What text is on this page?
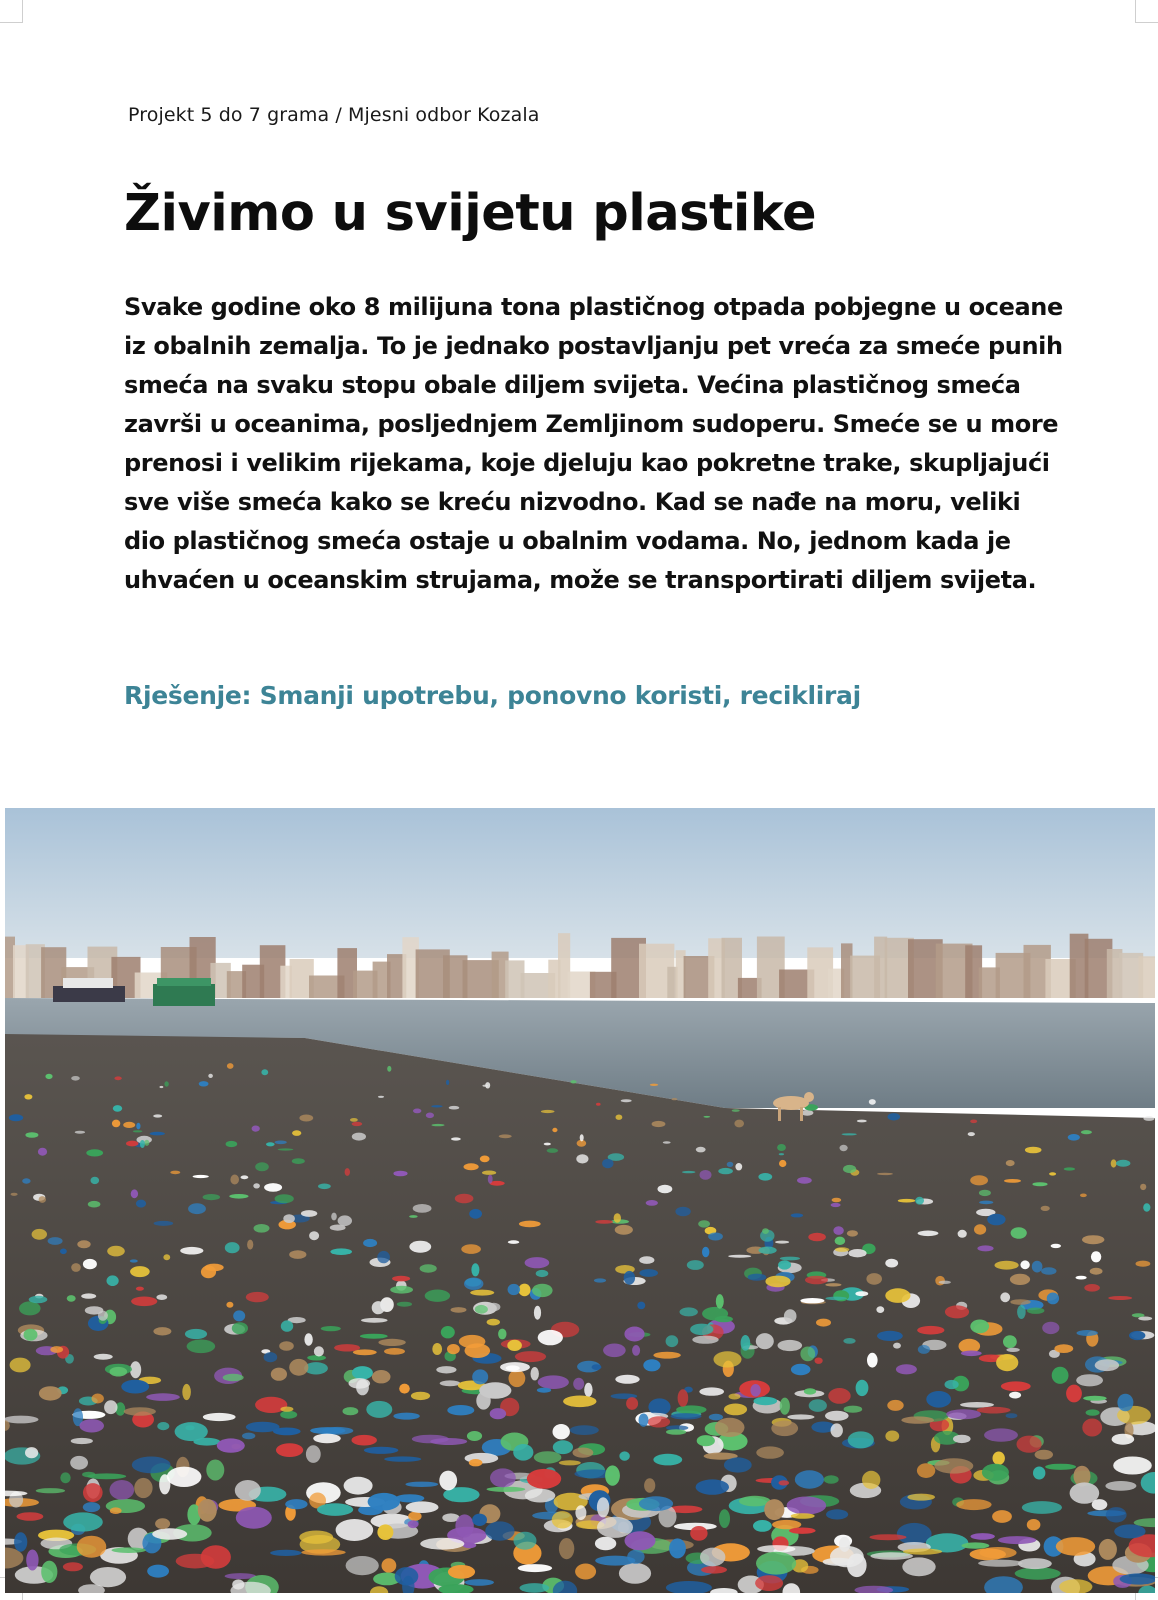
Projekt 5 do 7 grama / Mjesni odbor Kozala
Živimo u svijetu plastike

Svake godine oko 8 milijuna tona plastičnog otpada pobjegne u oceane iz obalnih zemalja. To je jednako postavljanju pet vreća za smeće punih smeća na svaku stopu obale diljem svijeta. Većina plastičnog smeća završi u oceanima, posljednjem Zemljinom sudoperu. Smeće se u more prenosi i velikim rijekama, koje djeluju kao pokretne trake, skupljajući sve više smeća kako se kreću nizvodno. Kad se nađe na moru, veliki dio plastičnog smeća ostaje u obalnim vodama. No, jednom kada je uhvaćen u oceanskim strujama, može se transportirati diljem svijeta.

Rješenje: Smanji upotrebu, ponovno koristi, recikliraj
